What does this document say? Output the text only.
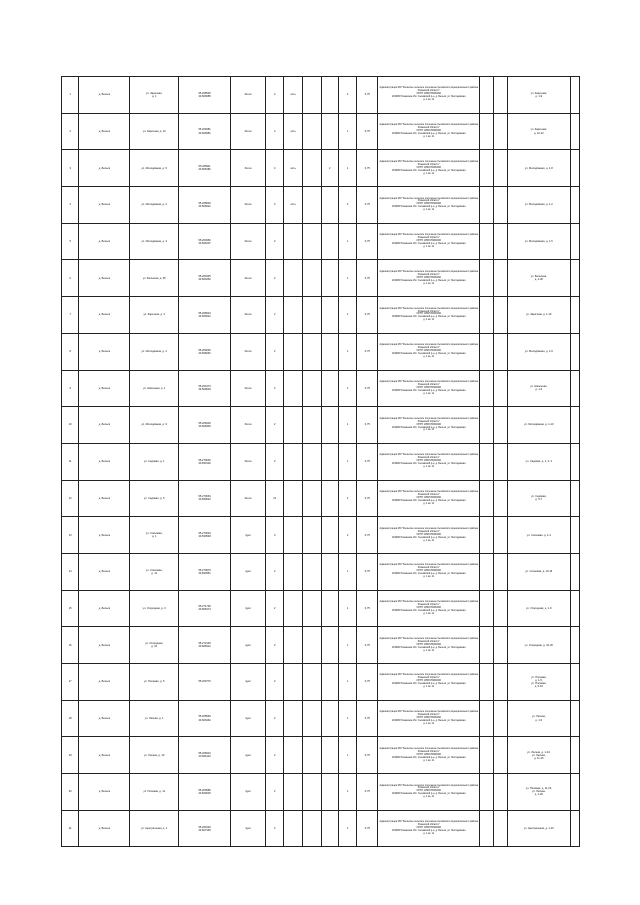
1	д. Бельск	ул. Заречная,
д. 1	55.268525
43.826685	бетон	4	есть			2	0,75	Администрация МО "Бельское сельское поселение Сычёвского муниципального района Рязанской области"
ОГРН 1056725000000
215280 Рязанская обл. Сычёвский р-н, д. Бельск, ул. Молодёжная
д. 1 кв. 11			ул. Заречная,
д. 1-9	
2	д. Бельск	ул. Заречная, д. 10	55.269381
43.826981	бетон	4	есть			1	0,75	Администрация МО "Бельское сельское поселение Сычёвского муниципального района Рязанской области"
ОГРН 1056725000000
215280 Рязанская обл. Сычёвский р-н, д. Бельск, ул. Молодёжная
д. 1 кв. 11			ул. Заречная,
д. 10-12	
3	д. Бельск	ул. Молодёжная, д. 5	55.269911
43.828182	бетон	4	есть		2	1	0,75	Администрация МО "Бельское сельское поселение Сычёвского муниципального района Рязанской области"
ОГРН 1056725000000
215280 Рязанская обл. Сычёвский р-н, д. Бельск, ул. Молодёжная
д. 1 кв. 11			ул. Молодёжная, д. 1-8	
4	д. Бельск	ул. Молодёжная, д. 2	55.268926
43.828321	бетон	4	есть			2	0,75	Администрация МО "Бельское сельское поселение Сычёвского муниципального района Рязанской области"
ОГРН 1056725000000
215280 Рязанская обл. Сычёвский р-н, д. Бельск, ул. Молодёжная
д. 1 кв. 11			ул. Молодёжная, д. 1-2	
5	д. Бельск	ул. Молодёжная, д. 3	55.269352
43.828137	бетон	2				1	0,75	Администрация МО "Бельское сельское поселение Сычёвского муниципального района Рязанской области"
ОГРН 1056725000000
215280 Рязанская обл. Сычёвский р-н, д. Бельск, ул. Молодёжная
д. 1 кв. 11			ул. Молодёжная, д. 1-5	
6	д. Бельск	ул. Бельская, д. 35	55.269435
43.829452	бетон	2				1	0,75	Администрация МО "Бельское сельское поселение Сычёвского муниципального района Рязанской области"
ОГРН 1056725000000
215280 Рязанская обл. Сычёвский р-н, д. Бельск, ул. Молодёжная
д. 1 кв. 11			ул. Бельская,
д. 1-36	
7	д. Бельск	ул. Заречная, д. 3	55.268923
43.826521	бетон	2				1	0,75	Администрация МО "Бельское сельское поселение Сычёвского муниципального района Рязанской области"
ОГРН 1056725000000
215280 Рязанская обл. Сычёвский р-н, д. Бельск, ул. Молодёжная
д. 1 кв. 11			ул. Заречная, д. 1-10	
8	д. Бельск	ул. Молодёжная, д. 2	55.269246
43.828262	бетон	2				1	0,75	Администрация МО "Бельское сельское поселение Сычёвского муниципального района Рязанской области"
ОГРН 1056725000000
215280 Рязанская обл. Сычёвский р-н, д. Бельск, ул. Молодёжная
д. 1 кв. 11			ул. Молодёжная, д. 1-9	
9	д. Бельск	ул. Школьная, д. 1	55.269173
43.829603	бетон	2				1	0,75	Администрация МО "Бельское сельское поселение Сычёвского муниципального района Рязанской области"
ОГРН 1056725000000
215280 Рязанская обл. Сычёвский р-н, д. Бельск, ул. Молодёжная
д. 1 кв. 11			ул. Школьная,
д. 1-3	
10	д. Бельск	ул. Молодёжная, д. 9	55.268418
43.828320	бетон	2				1	0,75	Администрация МО "Бельское сельское поселение Сычёвского муниципального района Рязанской области"
ОГРН 1056725000000
215280 Рязанская обл. Сычёвский р-н, д. Бельск, ул. Молодёжная
д. 1 кв. 11			ул. Молодёжная, д. 1-10	
11	д. Бельск	ул. Садовая, д. 1	55.270046
43.830102	бетон	2				1	0,75	Администрация МО "Бельское сельское поселение Сычёвского муниципального района Рязанской области"
ОГРН 1056725000000
215280 Рязанская обл. Сычёвский р-н, д. Бельск, ул. Молодёжная
д. 1 кв. 11			ул. Садовая, д. 1, 2, 3	
12	д. Бельск	ул. Садовая, д. 5	55.270664
43.830522	бетон	12				2	0,75	Администрация МО "Бельское сельское поселение Сычёвского муниципального района Рязанской области"
ОГРН 1056725000000
215280 Рязанская обл. Сычёвский р-н, д. Бельск, ул. Молодёжная
д. 1 кв. 11			ул. Садовая,
д. 5-7	
13	д. Бельск	ул. Сосновая,
д. 1	55.270623
43.830548	грунт	4				2	0,75	Администрация МО "Бельское сельское поселение Сычёвского муниципального района Рязанской области"
ОГРН 1056725000000
215280 Рязанская обл. Сычёвский р-н, д. Бельск, ул. Молодёжная
д. 1 кв. 11			ул. Сосновая, д. 1-4	
14	д. Бельск	ул. Сосновая,
д. 11	55.270970
43.830951	грунт	2				1	0,75	Администрация МО "Бельское сельское поселение Сычёвского муниципального района Рязанской области"
ОГРН 1056725000000
215280 Рязанская обл. Сычёвский р-н, д. Бельск, ул. Молодёжная
д. 1 кв. 11			ул. Сосновая, д. 10-15	
15	д. Бельск	ул. Огородная, д. 3	55.271736
43.828174	грунт	2				1	0,75	Администрация МО "Бельское сельское поселение Сычёвского муниципального района Рязанской области"
ОГРН 1056725000000
215280 Рязанская обл. Сычёвский р-н, д. Бельск, ул. Молодёжная
д. 1 кв. 11			ул. Огородная, д. 1-9	
16	д. Бельск	ул. Огородная,
д. 10	55.272130
43.828412	грунт	2				1	0,75	Администрация МО "Бельское сельское поселение Сычёвского муниципального района Рязанской области"
ОГРН 1056725000000
215280 Рязанская обл. Сычёвский р-н, д. Бельск, ул. Молодёжная
д. 1 кв. 11			ул. Огородная, д. 10-20	
17	д. Бельск	ул. Полевая, д. 5	55.269770	грунт	2				1	0,75	Администрация МО "Бельское сельское поселение Сычёвского муниципального района Рязанской области"
ОГРН 1056725000000
215280 Рязанская обл. Сычёвский р-н, д. Бельск, ул. Молодёжная
д. 1 кв. 11			ул. Полевая,
д. 1-5,
ул. Полевая,
д. 6-10	
18	д. Бельск	ул. Лесная, д. 1	55.268560
43.826462	грунт	2				1	0,75	Администрация МО "Бельское сельское поселение Сычёвского муниципального района Рязанской области"
ОГРН 1056725000000
215280 Рязанская обл. Сычёвский р-н, д. Бельск, ул. Молодёжная
д. 1 кв. 11			ул. Лесная,
д. 1-5	
19	д. Бельск	ул. Лесная, д. 10	55.268310
43.826110	грунт	2				1	0,75	Администрация МО "Бельское сельское поселение Сычёвского муниципального района Рязанской области"
ОГРН 1056725000000
215280 Рязанская обл. Сычёвский р-н, д. Бельск, ул. Молодёжная
д. 1 кв. 11			ул. Лесная, д. 1-10,
ул. Лесная,
д. 11-15	
20	д. Бельск	ул. Полевая, д. 11	55.269980
43.829025	грунт	2				1	0,75	Администрация МО "Бельское сельское поселение Сычёвского муниципального района Рязанской области"
ОГРН 1056725000000
215280 Рязанская обл. Сычёвский р-н, д. Бельск, ул. Молодёжная
д. 1 кв. 11			ул. Полевая, д. 11-15,
ул. Лесная,
д. 1-20	
21	д. Бельск	ул. Центральная, д. 1	55.269130
43.827460	грунт	2				1	0,75	Администрация МО "Бельское сельское поселение Сычёвского муниципального района Рязанской области"
ОГРН 1056725000000
215280 Рязанская обл. Сычёвский р-н, д. Бельск, ул. Молодёжная
д. 1 кв. 11			ул. Центральная, д. 1-10	
